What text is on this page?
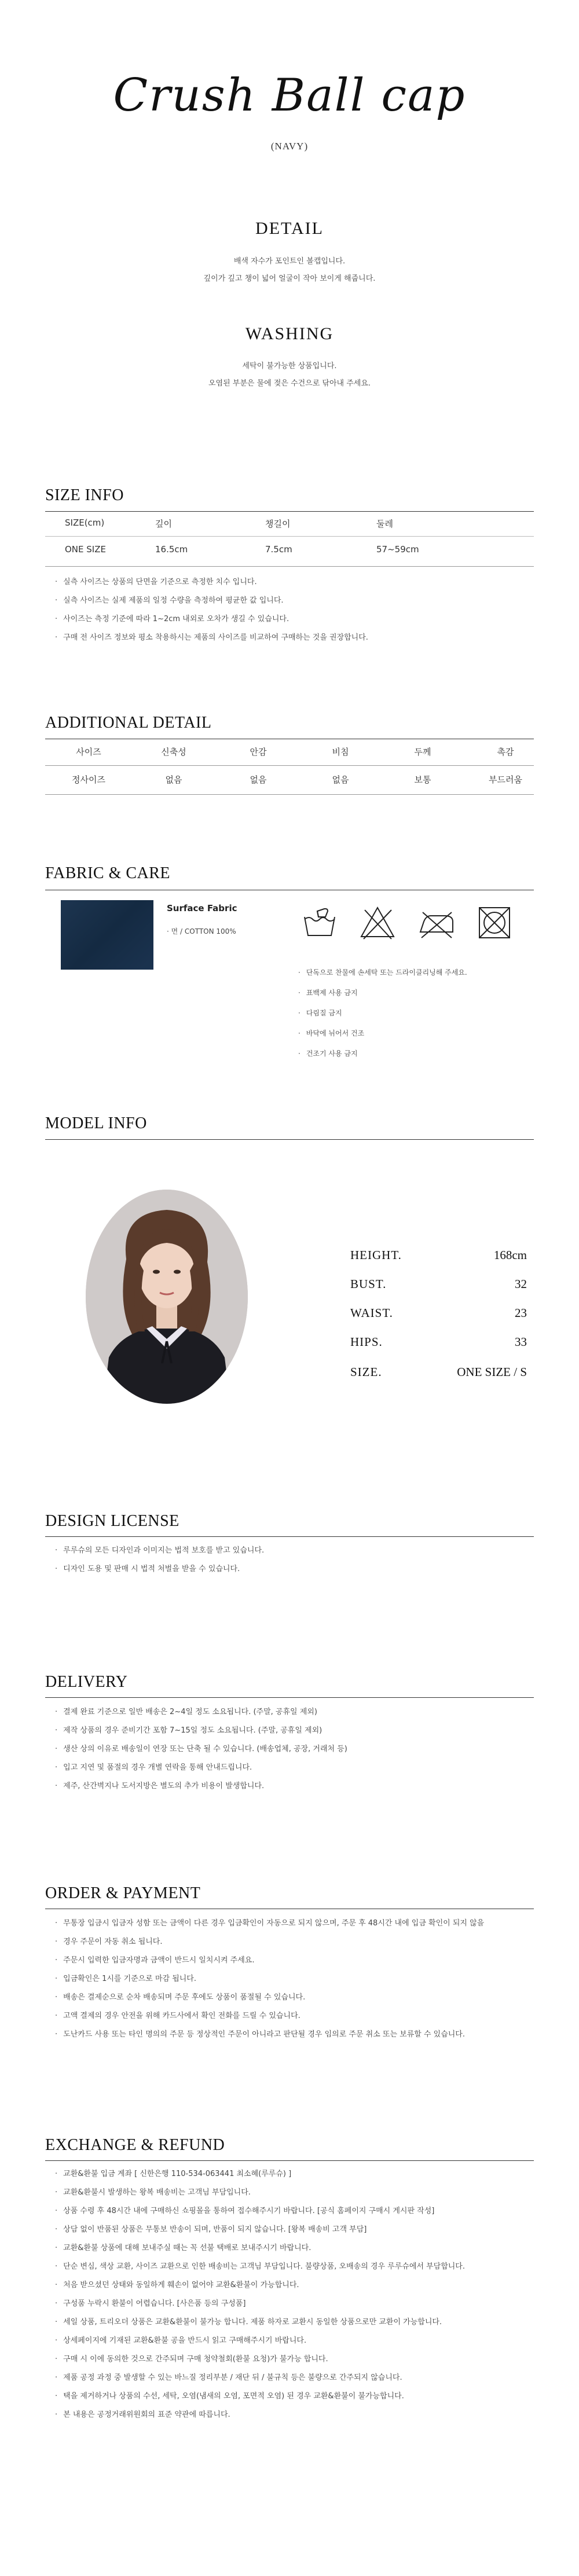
Crush Ball cap
(NAVY)
DETAIL
배색 자수가 포인트인 볼캡입니다.
깊이가 깊고 챙이 넓어 얼굴이 작아 보이게 해줍니다.
WASHING
세탁이 불가능한 상품입니다.
오염된 부분은 물에 젖은 수건으로 닦아내 주세요.
SIZE INFO
SIZE(cm)	깊이	챙길이	둘레
ONE SIZE	16.5cm	7.5cm	57~59cm
· 실측 사이즈는 상품의 단면을 기준으로 측정한 치수 입니다.
· 실측 사이즈는 실제 제품의 일정 수량을 측정하여 평균한 값 입니다.
· 사이즈는 측정 기준에 따라 1~2cm 내외로 오차가 생길 수 있습니다.
· 구매 전 사이즈 정보와 평소 착용하시는 제품의 사이즈를 비교하여 구매하는 것을 권장합니다.
ADDITIONAL DETAIL
사이즈	신축성	안감	비침	두께	촉감
정사이즈	없음	없음	없음	보통	부드러움
FABRIC & CARE
Surface Fabric
· 면 / COTTON 100%
· 단독으로 찬물에 손세탁 또는 드라이클리닝해 주세요.
· 표백제 사용 금지
· 다림질 금지
· 바닥에 뉘어서 건조
· 건조기 사용 금지
MODEL INFO
HEIGHT.	168cm
BUST.	32
WAIST.	23
HIPS.	33
SIZE.	ONE SIZE / S
DESIGN LICENSE
· 루루슈의 모든 디자인과 이미지는 법적 보호를 받고 있습니다.
· 디자인 도용 및 판매 시 법적 처벌을 받을 수 있습니다.
DELIVERY
· 결제 완료 기준으로 일반 배송은 2~4일 정도 소요됩니다. (주말, 공휴일 제외)
· 제작 상품의 경우 준비기간 포함 7~15일 정도 소요됩니다. (주말, 공휴일 제외)
· 생산 상의 이유로 배송일이 연장 또는 단축 될 수 있습니다. (배송업체, 공장, 거래처 등)
· 입고 지연 및 품절의 경우 개별 연락을 통해 안내드립니다.
· 제주, 산간벽지나 도서지방은 별도의 추가 비용이 발생합니다.
ORDER & PAYMENT
· 무통장 입금시 입금자 성함 또는 금액이 다른 경우 입금확인이 자동으로 되지 않으며, 주문 후 48시간 내에 입금 확인이 되지 않을
· 경우 주문이 자동 취소 됩니다.
· 주문시 입력한 입금자명과 금액이 반드시 일치시켜 주세요.
· 입금확인은 1시를 기준으로 마감 됩니다.
· 배송은 결제순으로 순차 배송되며 주문 후에도 상품이 품절될 수 있습니다.
· 고액 결제의 경우 안전을 위해 카드사에서 확인 전화를 드릴 수 있습니다.
· 도난카드 사용 또는 타인 명의의 주문 등 정상적인 주문이 아니라고 판단될 경우 임의로 주문 취소 또는 보류할 수 있습니다.
EXCHANGE & REFUND
· 교환&환불 입금 계좌 [ 신한은행 110-534-063441 최소혜(루루슈) ]
· 교환&환불시 발생하는 왕복 배송비는 고객님 부담입니다.
· 상품 수령 후 48시간 내에 구매하신 쇼핑몰을 통하여 접수해주시기 바랍니다. [공식 홈페이지 구매시 게시판 작성]
· 상담 없이 반품된 상품은 무통보 반송이 되며, 반품이 되지 않습니다. [왕복 배송비 고객 부담]
· 교환&환불 상품에 대해 보내주실 때는 꼭 선불 택배로 보내주시기 바랍니다.
· 단순 변심, 색상 교환, 사이즈 교환으로 인한 배송비는 고객님 부담입니다. 불량상품, 오배송의 경우 루루슈에서 부담합니다.
· 처음 받으셨던 상태와 동일하게 훼손이 없어야 교환&환불이 가능합니다.
· 구성품 누락시 환불이 어렵습니다. [사은품 등의 구성품]
· 세일 상품, 트리오더 상품은 교환&환불이 불가능 합니다. 제품 하자로 교환시 동일한 상품으로만 교환이 가능합니다.
· 상세페이지에 기재된 교환&환불 공을 반드시 읽고 구매해주시기 바랍니다.
· 구매 시 이에 동의한 것으로 간주되며 구매 청약철회(환불 요청)가 불가능 합니다.
· 제품 공정 과정 중 발생할 수 있는 바느질 정리부분 / 재단 뒤 / 불규칙 등은 불량으로 간주되지 않습니다.
· 택을 제거하거나 상품의 수선, 세탁, 오염(냄새의 오염, 포면적 오염) 된 경우 교환&환불이 불가능합니다.
· 본 내용은 공정거래위원회의 표준 약관에 따릅니다.
